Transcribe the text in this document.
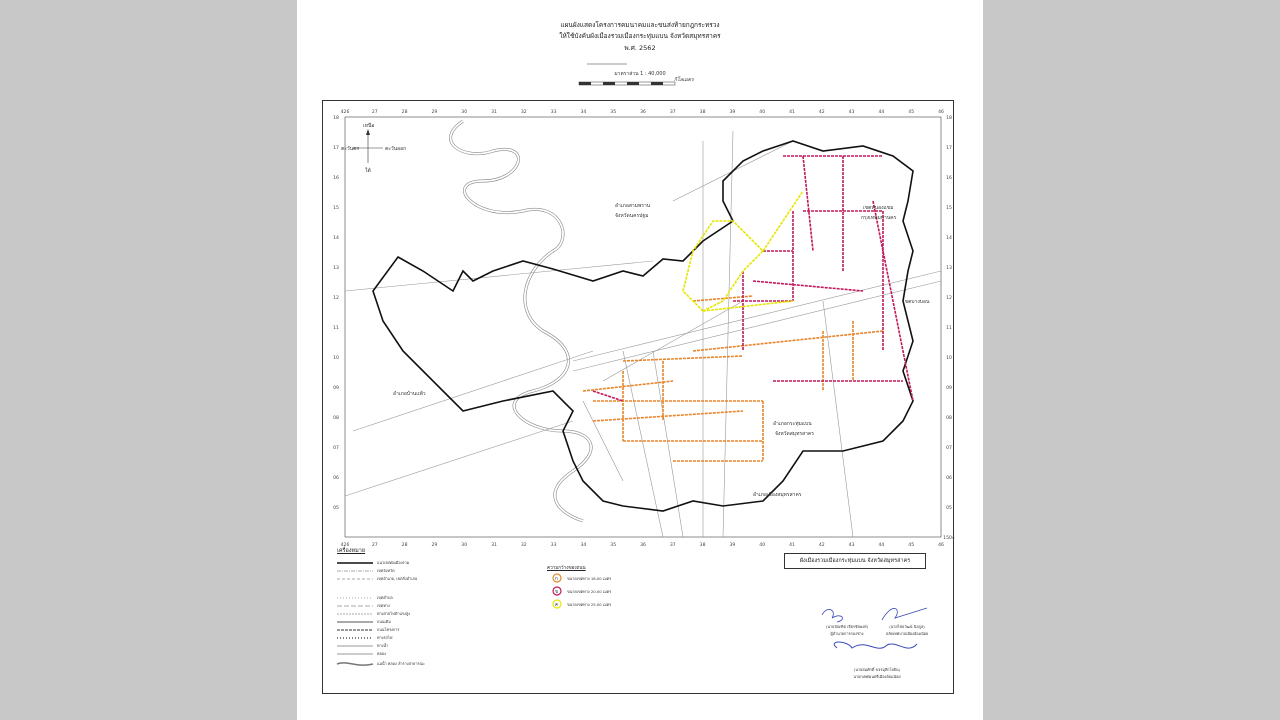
แผนผังแสดงโครงการคมนาคมและขนส่งท้ายกฎกระทรวง
ให้ใช้บังคับผังเมืองรวมเมืองกระทุ่มแบน จังหวัดสมุทรสาคร
พ.ศ. 2562
มาตราส่วน 1 : 40,000
กิโลเมตร
426	27	28	29	30	31	32	33	34	35	36	37	38	39	40	41	42	43	44	45	46
426	27	28	29	30	31	32	33	34	35	36	37	38	39	40	41	42	43	44	45	46
18
17
16
15
14
13
12
11
10
09
08
07
06
05
1504
18
17
16
15
14
13
12
11
10
09
08
07
06
05
เหนือ
ใต้
ตะวันออก
ตะวันตก
อำเภอสามพราน
จังหวัดนครปฐม
เขตหนองแขม
กรุงเทพมหานคร
เขตบางบอน
อำเภอบ้านแพ้ว
อำเภอกระทุ่มแบน
จังหวัดสมุทรสาคร
อำเภอเมืองสมุทรสาคร
เครื่องหมาย
แนวเขตผังเมืองรวม
เขตจังหวัด
เขตอำเภอ, เขตกิ่งอำเภอ
เขตตำบล
เขตทาง
ทางสายไฟฟ้าแรงสูง
ถนนเดิม
ถนนโครงการ
ทางรถไฟ
ทางน้ำ
คลอง
แม่น้ำ คลอง ลำรางสาธารณะ
ความกว้างของถนน
ก
ข
ค
ขนาดเขตทาง 16.00 เมตร
ขนาดเขตทาง 20.00 เมตร
ขนาดเขตทาง 25.00 เมตร
ผังเมืองรวมเมืองกระทุ่มแบน จังหวัดสมุทรสาคร
(นายปัณฑิต เจียรชัยพงษ์)
ผู้อำนวยการกองช่าง
(นายไชยวัฒน์ นิลกูล)
ปลัดเทศบาลเมืองอ้อมน้อย
(นายสมศักดิ์ ขจรมุสิกโยธิน)
นายกเทศมนตรีเมืองอ้อมน้อย
